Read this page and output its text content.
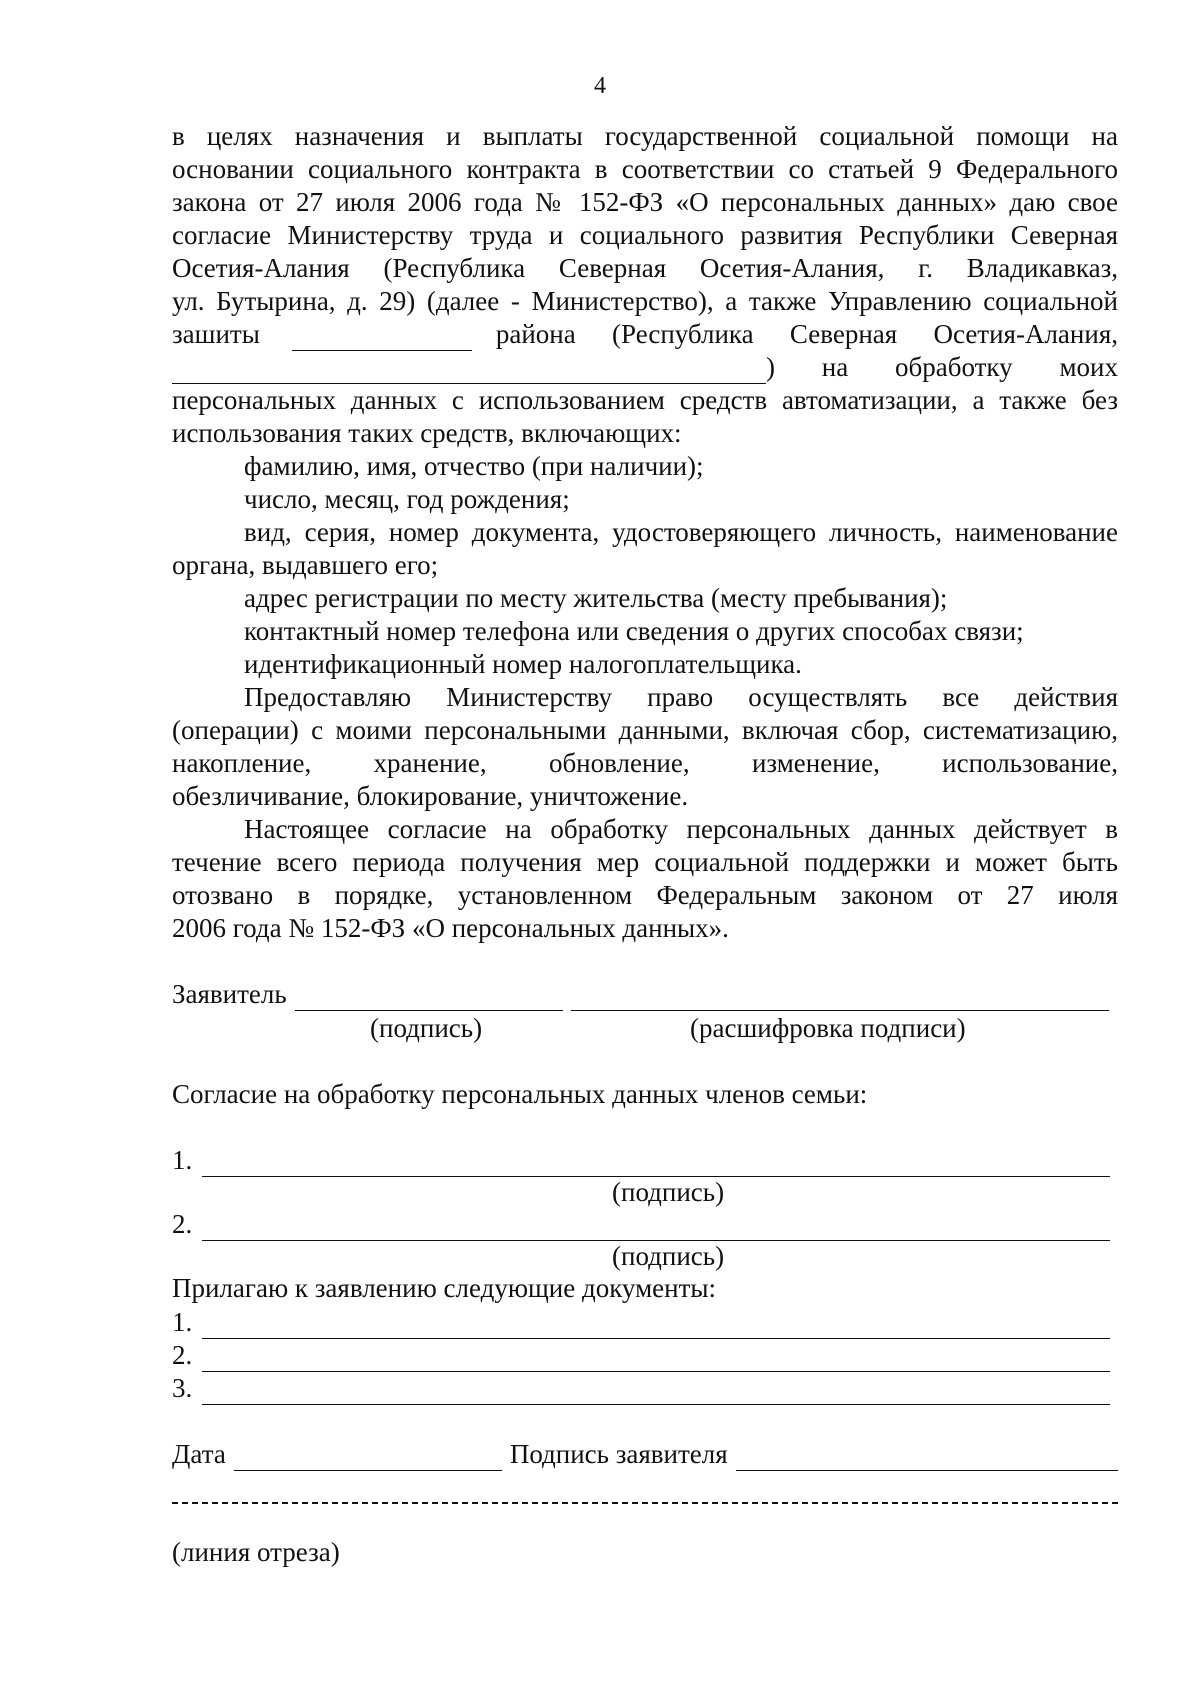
4

в целях назначения и выплаты государственной социальной помощи на

основании социального контракта в соответствии со статьей 9 Федерального

закона от 27 июля 2006 года № 152-ФЗ «О персональных данных» даю свое

согласие Министерству труда и социального развития Республики Северная

Осетия-Алания (Республика Северная Осетия-Алания, г. Владикавказ,

ул. Бутырина, д. 29) (далее - Министерство), а также Управлению социальной

зашиты	района (Республика Северная Осетия-Алания,

) на обработку моих

персональных данных с использованием средств автоматизации, а также без

использования таких средств, включающих:

фамилию, имя, отчество (при наличии);

число, месяц, год рождения;

вид, серия, номер документа, удостоверяющего личность, наименование

органа, выдавшего его;

адрес регистрации по месту жительства (месту пребывания);

контактный номер телефона или сведения о других способах связи;

идентификационный номер налогоплательщика.

Предоставляю Министерству право осуществлять все действия

(операции) с моими персональными данными, включая сбор, систематизацию,

накопление, хранение, обновление, изменение, использование,

обезличивание, блокирование, уничтожение.

Настоящее согласие на обработку персональных данных действует в

течение всего периода получения мер социальной поддержки и может быть

отозвано в порядке, установленном Федеральным законом от 27 июля

2006 года № 152-ФЗ «О персональных данных».

Заявитель
(подпись)	(расшифровка подписи)
Согласие на обработку персональных данных членов семьи:
1.
(подпись)
2.
(подпись)
Прилагаю к заявлению следующие документы:
1.
2.
3.
Дата	Подпись заявителя
(линия отреза)
